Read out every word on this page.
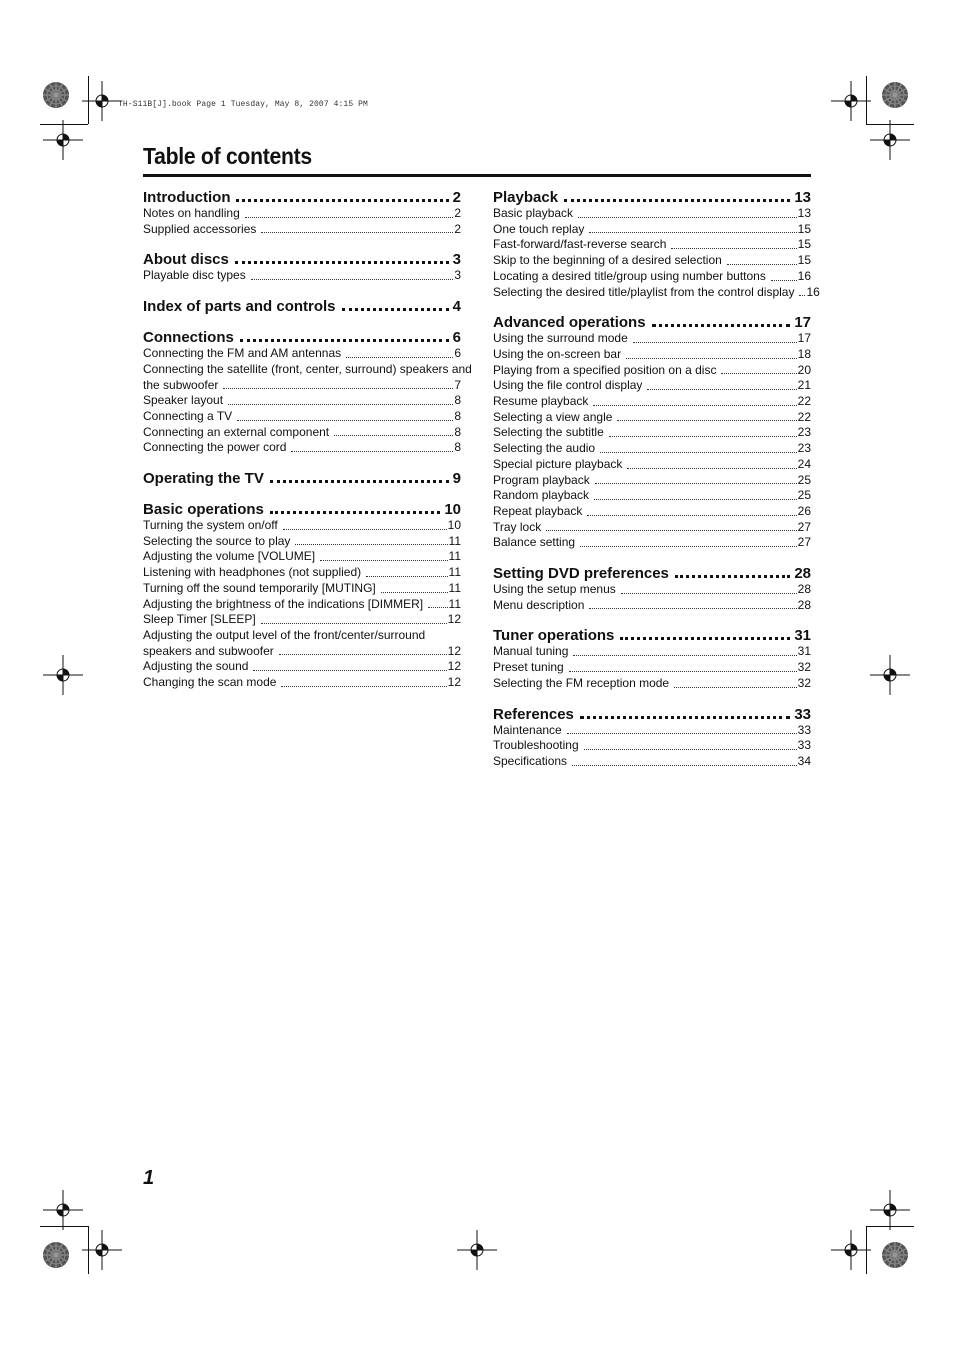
TH-S11B[J].book Page 1 Tuesday, May 8, 2007 4:15 PM
Table of contents
Introduction	2
Notes on handling	2
Supplied accessories	2
About discs	3
Playable disc types	3
Index of parts and controls	4
Connections	6
Connecting the FM and AM antennas	6
Connecting the satellite (front, center, surround) speakers and
the subwoofer	7
Speaker layout	8
Connecting a TV	8
Connecting an external component	8
Connecting the power cord	8
Operating the TV	9
Basic operations	10
Turning the system on/off	10
Selecting the source to play	11
Adjusting the volume [VOLUME]	11
Listening with headphones (not supplied)	11
Turning off the sound temporarily [MUTING]	11
Adjusting the brightness of the indications [DIMMER] 11
Sleep Timer [SLEEP]	12
Adjusting the output level of the front/center/surround
speakers and subwoofer	12
Adjusting the sound	12
Changing the scan mode	12
Playback	13
Basic playback	13
One touch replay	15
Fast-forward/fast-reverse search	15
Skip to the beginning of a desired selection	15
Locating a desired title/group using number buttons	16
Selecting the desired title/playlist from the control display 16
Advanced operations	17
Using the surround mode	17
Using the on-screen bar	18
Playing from a specified position on a disc	20
Using the file control display	21
Resume playback	22
Selecting a view angle	22
Selecting the subtitle	23
Selecting the audio	23
Special picture playback	24
Program playback	25
Random playback	25
Repeat playback	26
Tray lock	27
Balance setting	27
Setting DVD preferences	28
Using the setup menus	28
Menu description	28
Tuner operations	31
Manual tuning	31
Preset tuning	32
Selecting the FM reception mode	32
References	33
Maintenance	33
Troubleshooting	33
Specifications	34
1
